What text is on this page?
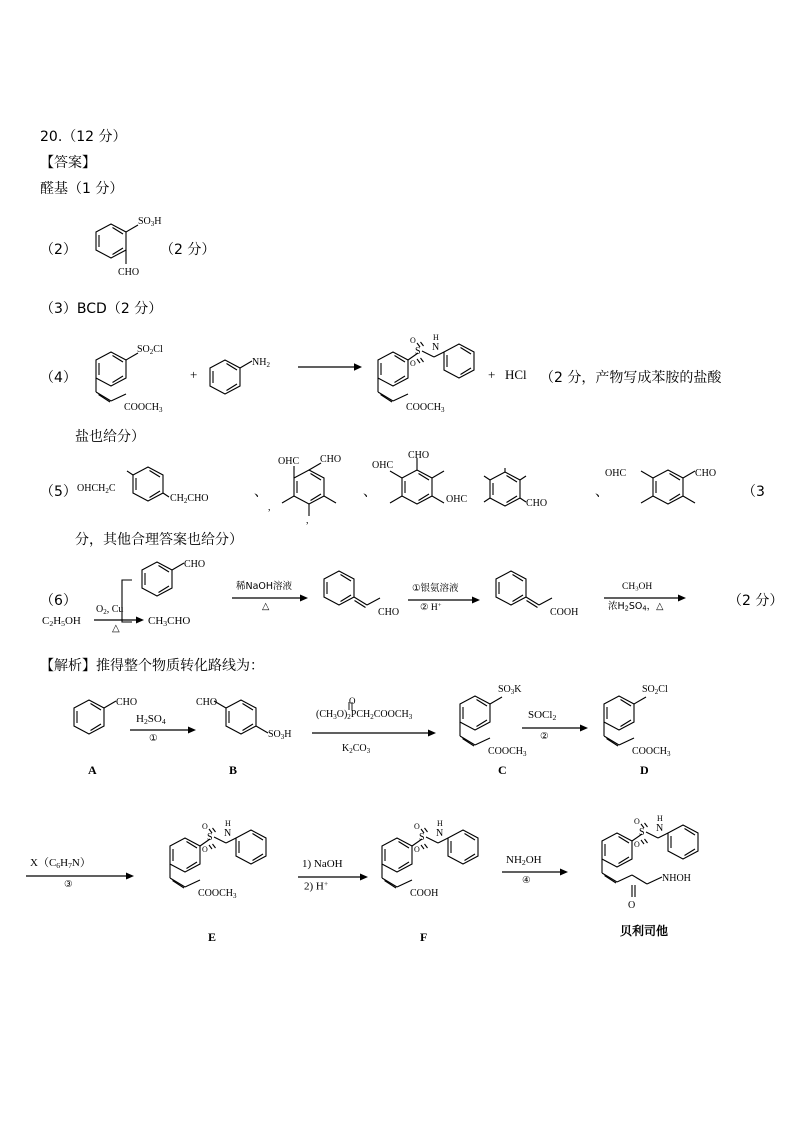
20.（12 分）
【答案】
醛基（1 分）
（2）
$SO_3H$
CHO
（2 分）
（3）BCD（2 分）
（4）
$SO_2Cl$
$COOCH_3$
+
$NH_2$
S N
H
O
O
$COOCH_3$
+ HCl （2 分，产物写成苯胺的盐酸
盐也给分）
（5） $OHCH_2C$
$CH_2CHO$	、
OHC CHO
,
,
、
OHC
CHO
OHC	CHO
、
OHC	CHO
（3
分，其他合理答案也给分）
（6）
CHO
稀NaOH溶液
△
$C_2H_5OH$
$O_2$, Cu
△
$CH_3CHO$
CHO
①银氨溶液
② H+
COOH
$CH_3OH$
浓$H_2SO_4$，△	（2 分）
【解析】推得整个物质转化路线为：
CHO
A
$H_2SO_4$
①
CHO
$SO_3H$
B
$(CH_3O)_2PCH_2COOCH_3$
O
$K_2CO_3$
$SO_3K$
$COOCH_3$
C
SOCl$_2$
②
$SO_2Cl$
$COOCH_3$
D
$X(C_6H_7N)$
③
S N
H
O
O
$COOCH_3$
E
1) NaOH
2) H+
S N
H
O
O
COOH
F
$NH_2OH$
④
S N
H
O
O
O
NHOH
贝利司他
